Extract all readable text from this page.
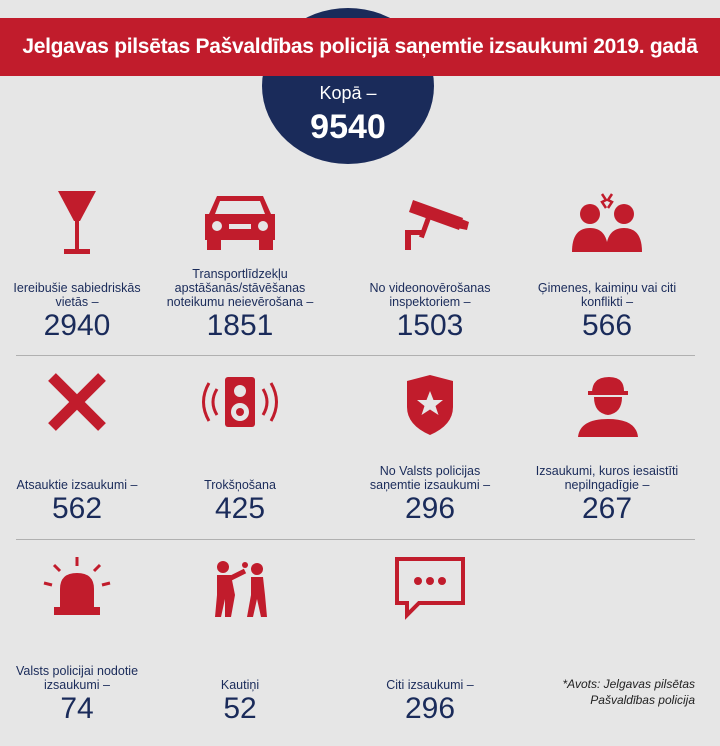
Jelgavas pilsētas Pašvaldības policijā saņemtie izsaukumi 2019. gadā
Kopā –
9540
Iereibušie sabiedriskās vietās –
2940
Transportlīdzekļu apstāšanās/stāvēšanas noteikumu neievērošana –
1851
No videonovērošanas inspektoriem –
1503
Ģimenes, kaimiņu vai citi konflikti –
566
Atsauktie izsaukumi –
562
Trokšņošana
425
No Valsts policijas saņemtie izsaukumi –
296
Izsaukumi, kuros iesaistīti nepilngadīgie –
267
Valsts policijai nodotie izsaukumi –
74
Kautiņi
52
Citi izsaukumi –
296
*Avots: Jelgavas pilsētas
Pašvaldības policija
